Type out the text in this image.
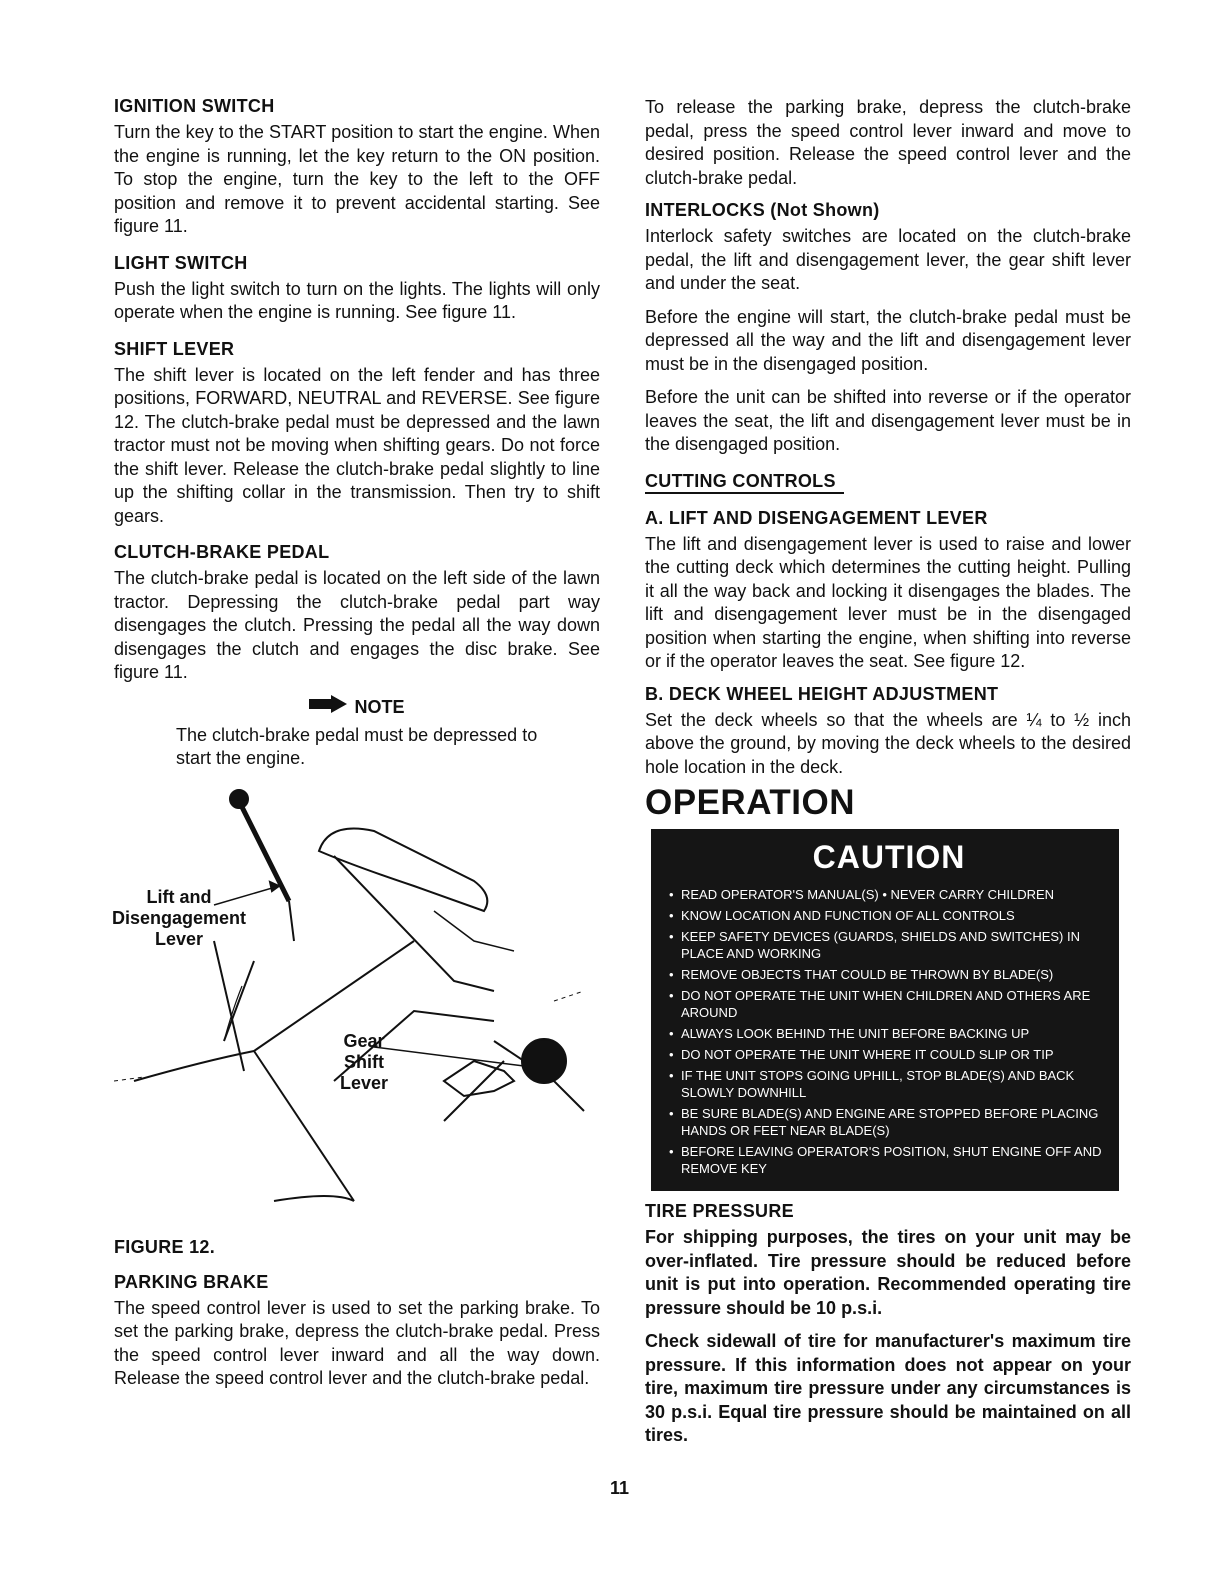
IGNITION SWITCH

Turn the key to the START position to start the engine. When the engine is running, let the key return to the ON position. To stop the engine, turn the key to the left to the OFF position and remove it to prevent accidental starting. See figure 11.

LIGHT SWITCH

Push the light switch to turn on the lights. The lights will only operate when the engine is running. See figure 11.

SHIFT LEVER

The shift lever is located on the left fender and has three positions, FORWARD, NEUTRAL and REVERSE. See figure 12. The clutch-brake pedal must be depressed and the lawn tractor must not be moving when shifting gears. Do not force the shift lever. Release the clutch-brake pedal slightly to line up the shifting collar in the transmission. Then try to shift gears.

CLUTCH-BRAKE PEDAL

The clutch-brake pedal is located on the left side of the lawn tractor. Depressing the clutch-brake pedal part way disengages the clutch. Pressing the pedal all the way down disengages the clutch and engages the disc brake. See figure 11.

NOTE

The clutch-brake pedal must be depressed to start the engine.

Lift and
Disengagement
Lever
Gear
Shift
Lever
FIGURE 12.
PARKING BRAKE

The speed control lever is used to set the parking brake. To set the parking brake, depress the clutch-brake pedal. Press the speed control lever inward and all the way down. Release the speed control lever and the clutch-brake pedal.

To release the parking brake, depress the clutch-brake pedal, press the speed control lever inward and move to desired position. Release the speed control lever and the clutch-brake pedal.

INTERLOCKS (Not Shown)

Interlock safety switches are located on the clutch-brake pedal, the lift and disengagement lever, the gear shift lever and under the seat.

Before the engine will start, the clutch-brake pedal must be depressed all the way and the lift and disengagement lever must be in the disengaged position.

Before the unit can be shifted into reverse or if the operator leaves the seat, the lift and disengagement lever must be in the disengaged position.

CUTTING CONTROLS
A. LIFT AND DISENGAGEMENT LEVER

The lift and disengagement lever is used to raise and lower the cutting deck which determines the cutting height. Pulling it all the way back and locking it disengages the blades. The lift and disengagement lever must be in the disengaged position when starting the engine, when shifting into reverse or if the operator leaves the seat. See figure 12.

B. DECK WHEEL HEIGHT ADJUSTMENT

Set the deck wheels so that the wheels are ¼ to ½ inch above the ground, by moving the deck wheels to the desired hole location in the deck.

OPERATION
CAUTION
• READ OPERATOR'S MANUAL(S) • NEVER CARRY CHILDREN
• KNOW LOCATION AND FUNCTION OF ALL CONTROLS
• KEEP SAFETY DEVICES (GUARDS, SHIELDS AND SWITCHES) IN PLACE AND WORKING
• REMOVE OBJECTS THAT COULD BE THROWN BY BLADE(S)
• DO NOT OPERATE THE UNIT WHEN CHILDREN AND OTHERS ARE AROUND
• ALWAYS LOOK BEHIND THE UNIT BEFORE BACKING UP
• DO NOT OPERATE THE UNIT WHERE IT COULD SLIP OR TIP
• IF THE UNIT STOPS GOING UPHILL, STOP BLADE(S) AND BACK SLOWLY DOWNHILL
• BE SURE BLADE(S) AND ENGINE ARE STOPPED BEFORE PLACING HANDS OR FEET NEAR BLADE(S)
• BEFORE LEAVING OPERATOR'S POSITION, SHUT ENGINE OFF AND REMOVE KEY
TIRE PRESSURE

For shipping purposes, the tires on your unit may be over-inflated. Tire pressure should be reduced before unit is put into operation. Recommended operating tire pressure should be 10 p.s.i.

Check sidewall of tire for manufacturer's maximum tire pressure. If this information does not appear on your tire, maximum tire pressure under any circumstances is 30 p.s.i. Equal tire pressure should be maintained on all tires.

11
